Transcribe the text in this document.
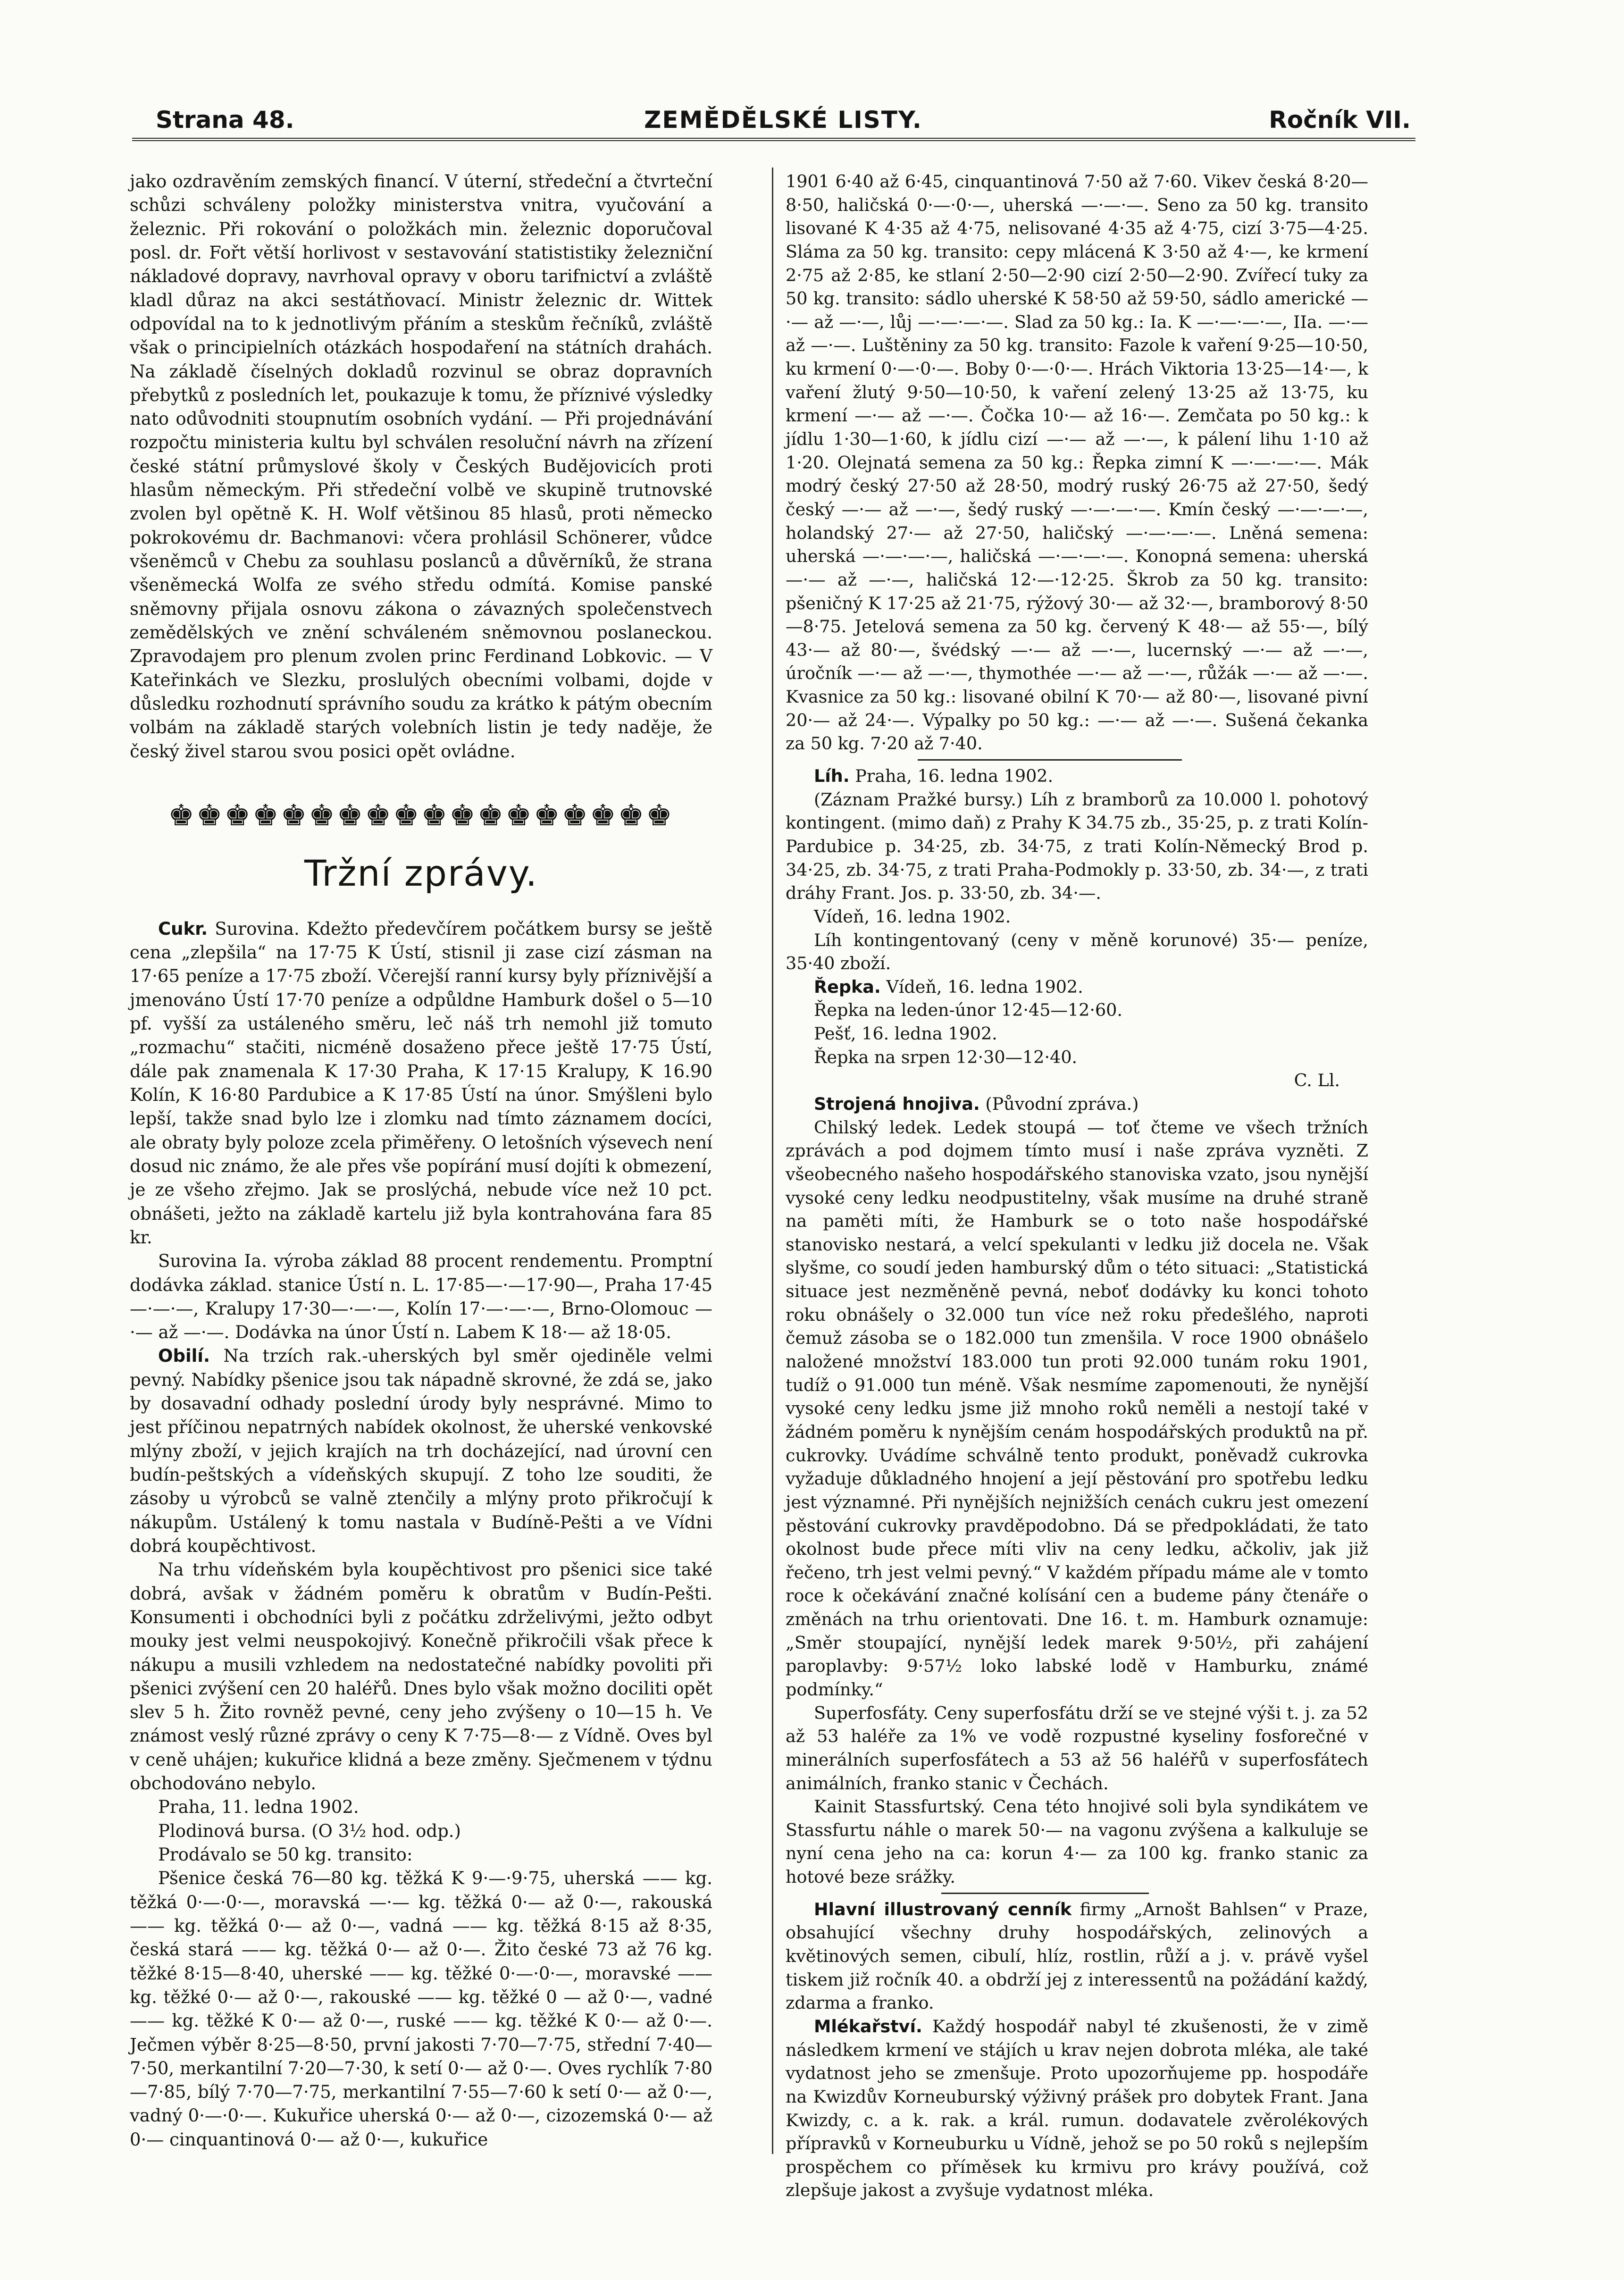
Strana 48.	ZEMĚDĚLSKÉ LISTY.	Ročník VII.

jako ozdravěním zemských financí. V úterní, středeční a čtvrteční schůzi schváleny položky ministerstva vnitra, vyučování a železnic. Při rokování o položkách min. železnic doporučoval posl. dr. Fořt větší horlivost v sestavování statististiky železniční nákladové dopravy, navrhoval opravy v oboru tarifnictví a zvláště kladl důraz na akci sestátňovací. Ministr železnic dr. Wittek odpovídal na to k jednotlivým přáním a steskům řečníků, zvláště však o principielních otázkách hospodaření na státních drahách. Na základě číselných dokladů rozvinul se obraz dopravních přebytků z posledních let, poukazuje k tomu, že příznivé výsledky nato odůvodniti stoupnutím osobních vydání. — Při projednávání rozpočtu ministeria kultu byl schválen resoluční návrh na zřízení české státní průmyslové školy v Českých Budějovicích proti hlasům německým. Při středeční volbě ve skupině trutnovské zvolen byl opětně K. H. Wolf většinou 85 hlasů, proti německo pokrokovému dr. Bachmanovi: včera prohlásil Schönerer, vůdce všeněmců v Chebu za souhlasu poslanců a důvěrníků, že strana všeněmecká Wolfa ze svého středu odmítá. Komise panské sněmovny přijala osnovu zákona o závazných společenstvech zemědělských ve znění schváleném sněmovnou poslaneckou. Zpravodajem pro plenum zvolen princ Ferdinand Lobkovic. — V Kateřinkách ve Slezku, proslulých obecními volbami, dojde v důsledku rozhodnutí správního soudu za krátko k pátým obecním volbám na základě starých volebních listin je tedy naděje, že český živel starou svou posici opět ovládne.

♚♚♚♚♚♚♚♚♚♚♚♚♚♚♚♚♚♚
Tržní zprávy.

Cukr. Surovina. Kdežto předevčírem počátkem bursy se ještě cena „zlepšila“ na 17·75 K Ústí, stisnil ji zase cizí zásman na 17·65 peníze a 17·75 zboží. Včerejší ranní kursy byly příznivější a jmenováno Ústí 17·70 peníze a odpůldne Hamburk došel o 5—10 pf. vyšší za ustáleného směru, leč náš trh nemohl již tomuto „rozmachu“ stačiti, nicméně dosaženo přece ještě 17·75 Ústí, dále pak znamenala K 17·30 Praha, K 17·15 Kralupy, K 16.90 Kolín, K 16·80 Pardubice a K 17·85 Ústí na únor. Smýšleni bylo lepší, takže snad bylo lze i zlomku nad tímto záznamem docíci, ale obraty byly poloze zcela přiměřeny. O letošních výsevech není dosud nic známo, že ale přes vše popírání musí dojíti k obmezení, je ze všeho zřejmo. Jak se proslýchá, nebude více než 10 pct. obnášeti, ježto na základě kartelu již byla kontrahována fara 85 kr.

Surovina Ia. výroba základ 88 procent rendementu. Promptní dodávka základ. stanice Ústí n. L. 17·85—·—17·90—, Praha 17·45—·—·—, Kralupy 17·30—·—·—, Kolín 17·—·—·—, Brno-Olomouc —·— až —·—. Dodávka na únor Ústí n. Labem K 18·— až 18·05.

Obilí. Na trzích rak.-uherských byl směr ojediněle velmi pevný. Nabídky pšenice jsou tak nápadně skrovné, že zdá se, jako by dosavadní odhady poslední úrody byly nesprávné. Mimo to jest příčinou nepatrných nabídek okolnost, že uherské venkovské mlýny zboží, v jejich krajích na trh docházející, nad úrovní cen budín-peštských a vídeňských skupují. Z toho lze souditi, že zásoby u výrobců se valně ztenčily a mlýny proto přikročují k nákupům. Ustálený k tomu nastala v Budíně-Pešti a ve Vídni dobrá koupěchtivost.

Na trhu vídeňském byla koupěchtivost pro pšenici sice také dobrá, avšak v žádném poměru k obratům v Budín-Pešti. Konsumenti i obchodníci byli z počátku zdrželivými, ježto odbyt mouky jest velmi neuspokojivý. Konečně přikročili však přece k nákupu a musili vzhledem na nedostatečné nabídky povoliti při pšenici zvýšení cen 20 haléřů. Dnes bylo však možno dociliti opět slev 5 h. Žito rovněž pevné, ceny jeho zvýšeny o 10—15 h. Ve známost veslý různé zprávy o ceny K 7·75—8·— z Vídně. Oves byl v ceně uhájen; kukuřice klidná a beze změny. Sječmenem v týdnu obchodováno nebylo.

Praha, 11. ledna 1902.

Plodinová bursa. (O 3½ hod. odp.)

Prodávalo se 50 kg. transito:

Pšenice česká 76—80 kg. těžká K 9·—·9·75, uherská —— kg. těžká 0·—·0·—, moravská —·— kg. těžká 0·— až 0·—, rakouská —— kg. těžká 0·— až 0·—, vadná —— kg. těžká 8·15 až 8·35, česká stará —— kg. těžká 0·— až 0·—. Žito české 73 až 76 kg. těžké 8·15—8·40, uherské —— kg. těžké 0·—·0·—, moravské —— kg. těžké 0·— až 0·—, rakouské —— kg. těžké 0 — až 0·—, vadné —— kg. těžké K 0·— až 0·—, ruské —— kg. těžké K 0·— až 0·—. Ječmen výběr 8·25—8·50, první jakosti 7·70—7·75, střední 7·40—7·50, merkantilní 7·20—7·30, k setí 0·— až 0·—. Oves rychlík 7·80—7·85, bílý 7·70—7·75, merkantilní 7·55—7·60 k setí 0·— až 0·—, vadný 0·—·0·—. Kukuřice uherská 0·— až 0·—, cizozemská 0·— až 0·— cinquantinová 0·— až 0·—, kukuřice

1901 6·40 až 6·45, cinquantinová 7·50 až 7·60. Vikev česká 8·20—8·50, haličská 0·—·0·—, uherská —·—·—. Seno za 50 kg. transito lisované K 4·35 až 4·75, nelisované 4·35 až 4·75, cizí 3·75—4·25. Sláma za 50 kg. transito: cepy mlácená K 3·50 až 4·—, ke krmení 2·75 až 2·85, ke stlaní 2·50—2·90 cizí 2·50—2·90. Zvířecí tuky za 50 kg. transito: sádlo uherské K 58·50 až 59·50, sádlo americké —·— až —·—, lůj —·—·—·—. Slad za 50 kg.: Ia. K —·—·—·—, IIa. —·— až —·—. Luštěniny za 50 kg. transito: Fazole k vaření 9·25—10·50, ku krmení 0·—·0·—. Boby 0·—·0·—. Hrách Viktoria 13·25—14·—, k vaření žlutý 9·50—10·50, k vaření zelený 13·25 až 13·75, ku krmení —·— až —·—. Čočka 10·— až 16·—. Zemčata po 50 kg.: k jídlu 1·30—1·60, k jídlu cizí —·— až —·—, k pálení lihu 1·10 až 1·20. Olejnatá semena za 50 kg.: Řepka zimní K —·—·—·—. Mák modrý český 27·50 až 28·50, modrý ruský 26·75 až 27·50, šedý český —·— až —·—, šedý ruský —·—·—·—. Kmín český —·—·—·—, holandský 27·— až 27·50, haličský —·—·—·—. Lněná semena: uherská —·—·—·—, haličská —·—·—·—. Konopná semena: uherská —·— až —·—, haličská 12·—·12·25. Škrob za 50 kg. transito: pšeničný K 17·25 až 21·75, rýžový 30·— až 32·—, bramborový 8·50—8·75. Jetelová semena za 50 kg. červený K 48·— až 55·—, bílý 43·— až 80·—, švédský —·— až —·—, lucernský —·— až —·—, úročník —·— až —·—, thymothée —·— až —·—, růžák —·— až —·—. Kvasnice za 50 kg.: lisované obilní K 70·— až 80·—, lisované pivní 20·— až 24·—. Výpalky po 50 kg.: —·— až —·—. Sušená čekanka za 50 kg. 7·20 až 7·40.

Líh. Praha, 16. ledna 1902.

(Záznam Pražké bursy.) Líh z bramborů za 10.000 l. pohotový kontingent. (mimo daň) z Prahy K 34.75 zb., 35·25, p. z trati Kolín-Pardubice p. 34·25, zb. 34·75, z trati Kolín-Německý Brod p. 34·25, zb. 34·75, z trati Praha-Podmokly p. 33·50, zb. 34·—, z trati dráhy Frant. Jos. p. 33·50, zb. 34·—.

Vídeň, 16. ledna 1902.

Líh kontingentovaný (ceny v měně korunové) 35·— peníze, 35·40 zboží.

Řepka. Vídeň, 16. ledna 1902.

Řepka na leden-únor 12·45—12·60.

Pešť, 16. ledna 1902.

Řepka na srpen 12·30—12·40.

C. Ll.

Strojená hnojiva. (Původní zpráva.)

Chilský ledek. Ledek stoupá — toť čteme ve všech tržních zprávách a pod dojmem tímto musí i naše zpráva vyzněti. Z všeobecného našeho hospodářského stanoviska vzato, jsou nynější vysoké ceny ledku neodpustitelny, však musíme na druhé straně na paměti míti, že Hamburk se o toto naše hospodářské stanovisko nestará, a velcí spekulanti v ledku již docela ne. Však slyšme, co soudí jeden hamburský dům o této situaci: „Statistická situace jest nezměněně pevná, neboť dodávky ku konci tohoto roku obnášely o 32.000 tun více než roku předešlého, naproti čemuž zásoba se o 182.000 tun zmenšila. V roce 1900 obnášelo naložené množství 183.000 tun proti 92.000 tunám roku 1901, tudíž o 91.000 tun méně. Však nesmíme zapomenouti, že nynější vysoké ceny ledku jsme již mnoho roků neměli a nestojí také v žádném poměru k nynějším cenám hospodářských produktů na př. cukrovky. Uvádíme schválně tento produkt, poněvadž cukrovka vyžaduje důkladného hnojení a její pěstování pro spotřebu ledku jest významné. Při nynějších nejnižších cenách cukru jest omezení pěstování cukrovky pravděpodobno. Dá se předpokládati, že tato okolnost bude přece míti vliv na ceny ledku, ačkoliv, jak již řečeno, trh jest velmi pevný.“ V každém případu máme ale v tomto roce k očekávání značné kolísání cen a budeme pány čtenáře o změnách na trhu orientovati. Dne 16. t. m. Hamburk oznamuje: „Směr stoupající, nynější ledek marek 9·50½, při zahájení paroplavby: 9·57½ loko labské lodě v Hamburku, známé podmínky.“

Superfosfáty. Ceny superfosfátu drží se ve stejné výši t. j. za 52 až 53 haléře za 1% ve vodě rozpustné kyseliny fosforečné v minerálních superfosfátech a 53 až 56 haléřů v superfosfátech animálních, franko stanic v Čechách.

Kainit Stassfurtský. Cena této hnojivé soli byla syndikátem ve Stassfurtu náhle o marek 50·— na vagonu zvýšena a kalkuluje se nyní cena jeho na ca: korun 4·— za 100 kg. franko stanic za hotové beze srážky.

Hlavní illustrovaný cenník firmy „Arnošt Bahlsen“ v Praze, obsahující všechny druhy hospodářských, zelinových a květinových semen, cibulí, hlíz, rostlin, růží a j. v. právě vyšel tiskem již ročník 40. a obdrží jej z interessentů na požádání každý, zdarma a franko.

Mlékařství. Každý hospodář nabyl té zkušenosti, že v zimě následkem krmení ve stájích u krav nejen dobrota mléka, ale také vydatnost jeho se zmenšuje. Proto upozorňujeme pp. hospodáře na Kwizdův Korneuburský výživný prášek pro dobytek Frant. Jana Kwizdy, c. a k. rak. a král. rumun. dodavatele zvěrolékových přípravků v Korneuburku u Vídně, jehož se po 50 roků s nejlepším prospěchem co příměsek ku krmivu pro krávy používá, což zlepšuje jakost a zvyšuje vydatnost mléka.
